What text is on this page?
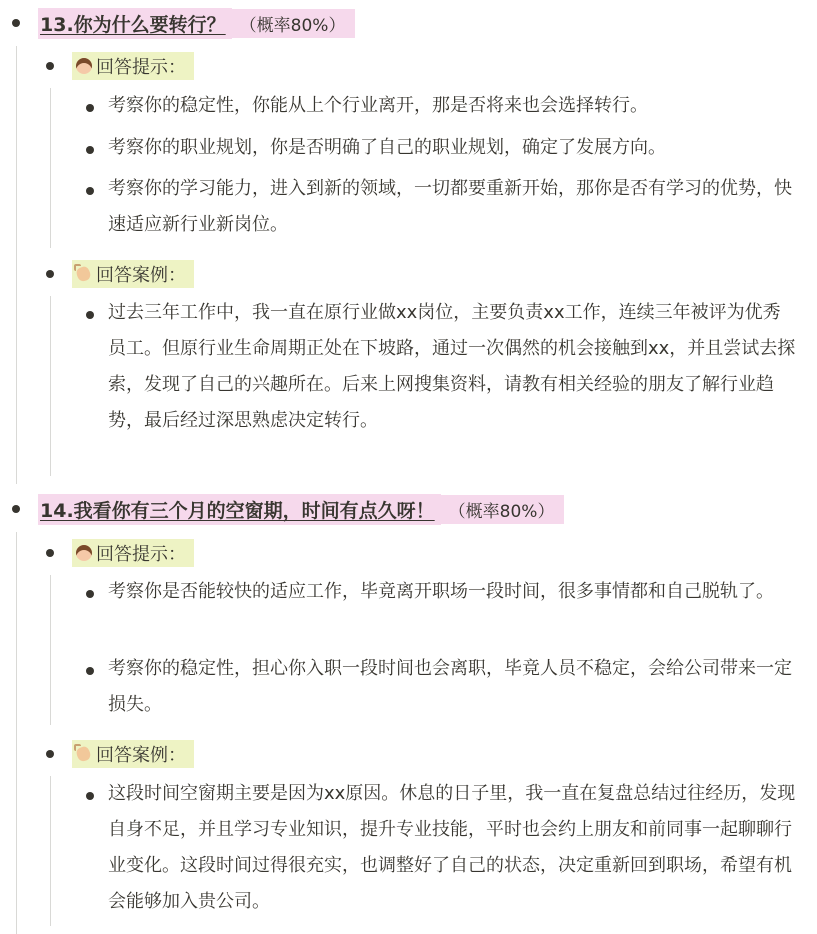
13.你为什么要转行？ （概率80%）
回答提示：
考察你的稳定性，你能从上个行业离开，那是否将来也会选择转行。
考察你的职业规划，你是否明确了自己的职业规划，确定了发展方向。
考察你的学习能力，进入到新的领域，一切都要重新开始，那你是否有学习的优势，快速适应新行业新岗位。
回答案例：
过去三年工作中，我一直在原行业做xx岗位，主要负责xx工作，连续三年被评为优秀员工。但原行业生命周期正处在下坡路，通过一次偶然的机会接触到xx，并且尝试去探索，发现了自己的兴趣所在。后来上网搜集资料，请教有相关经验的朋友了解行业趋势，最后经过深思熟虑决定转行。
14.我看你有三个月的空窗期，时间有点久呀！ （概率80%）
回答提示：
考察你是否能较快的适应工作，毕竟离开职场一段时间，很多事情都和自己脱轨了。
考察你的稳定性，担心你入职一段时间也会离职，毕竟人员不稳定，会给公司带来一定损失。
回答案例：
这段时间空窗期主要是因为xx原因。休息的日子里，我一直在复盘总结过往经历，发现自身不足，并且学习专业知识，提升专业技能，平时也会约上朋友和前同事一起聊聊行业变化。这段时间过得很充实，也调整好了自己的状态，决定重新回到职场，希望有机会能够加入贵公司。
